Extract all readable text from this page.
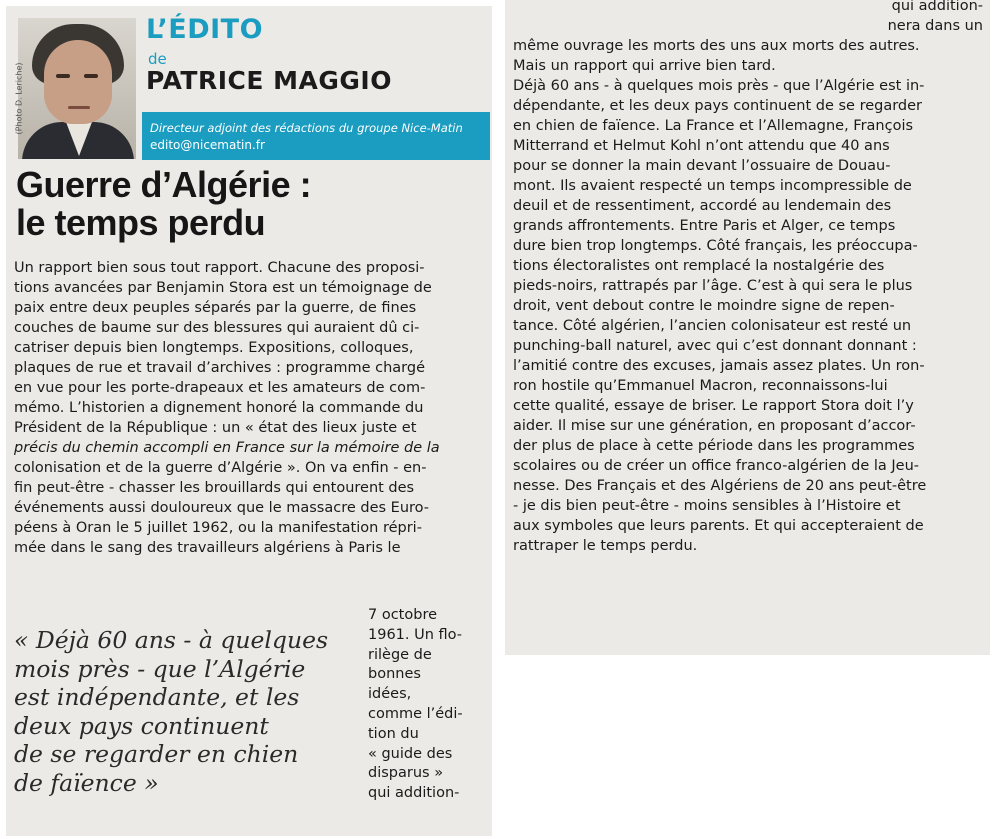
(Photo D. Leriche)
L’ÉDITO
de
PATRICE MAGGIO
Directeur adjoint des rédactions du groupe Nice-Matin
edito@nicematin.fr
Guerre d’Algérie :
le temps perdu
Un rapport bien sous tout rapport. Chacune des proposi-
tions avancées par Benjamin Stora est un témoignage de
paix entre deux peuples séparés par la guerre, de fines
couches de baume sur des blessures qui auraient dû ci-
catriser depuis bien longtemps. Expositions, colloques,
plaques de rue et travail d’archives : programme chargé
en vue pour les porte-drapeaux et les amateurs de com-
mémo. L’historien a dignement honoré la commande du
Président de la République : un « état des lieux juste et
précis du chemin accompli en France sur la mémoire de la
colonisation et de la guerre d’Algérie ». On va enfin - en-
fin peut-être - chasser les brouillards qui entourent des
événements aussi douloureux que le massacre des Euro-
péens à Oran le 5 juillet 1962, ou la manifestation répri-
mée dans le sang des travailleurs algériens à Paris le
« Déjà 60 ans - à quelques
mois près - que l’Algérie
est indépendante, et les
deux pays continuent
de se regarder en chien
de faïence »
7 octobre
1961. Un flo-
rilège de
bonnes
idées,
comme l’édi-
tion du
« guide des
disparus »
qui addition-
qui addition-
nera dans un
même ouvrage les morts des uns aux morts des autres.
Mais un rapport qui arrive bien tard.
Déjà 60 ans - à quelques mois près - que l’Algérie est in-
dépendante, et les deux pays continuent de se regarder
en chien de faïence. La France et l’Allemagne, François
Mitterrand et Helmut Kohl n’ont attendu que 40 ans
pour se donner la main devant l’ossuaire de Douau-
mont. Ils avaient respecté un temps incompressible de
deuil et de ressentiment, accordé au lendemain des
grands affrontements. Entre Paris et Alger, ce temps
dure bien trop longtemps. Côté français, les préoccupa-
tions électoralistes ont remplacé la nostalgérie des
pieds-noirs, rattrapés par l’âge. C’est à qui sera le plus
droit, vent debout contre le moindre signe de repen-
tance. Côté algérien, l’ancien colonisateur est resté un
punching-ball naturel, avec qui c’est donnant donnant :
l’amitié contre des excuses, jamais assez plates. Un ron-
ron hostile qu’Emmanuel Macron, reconnaissons-lui
cette qualité, essaye de briser. Le rapport Stora doit l’y
aider. Il mise sur une génération, en proposant d’accor-
der plus de place à cette période dans les programmes
scolaires ou de créer un office franco-algérien de la Jeu-
nesse. Des Français et des Algériens de 20 ans peut-être
- je dis bien peut-être - moins sensibles à l’Histoire et
aux symboles que leurs parents. Et qui accepteraient de
rattraper le temps perdu.
